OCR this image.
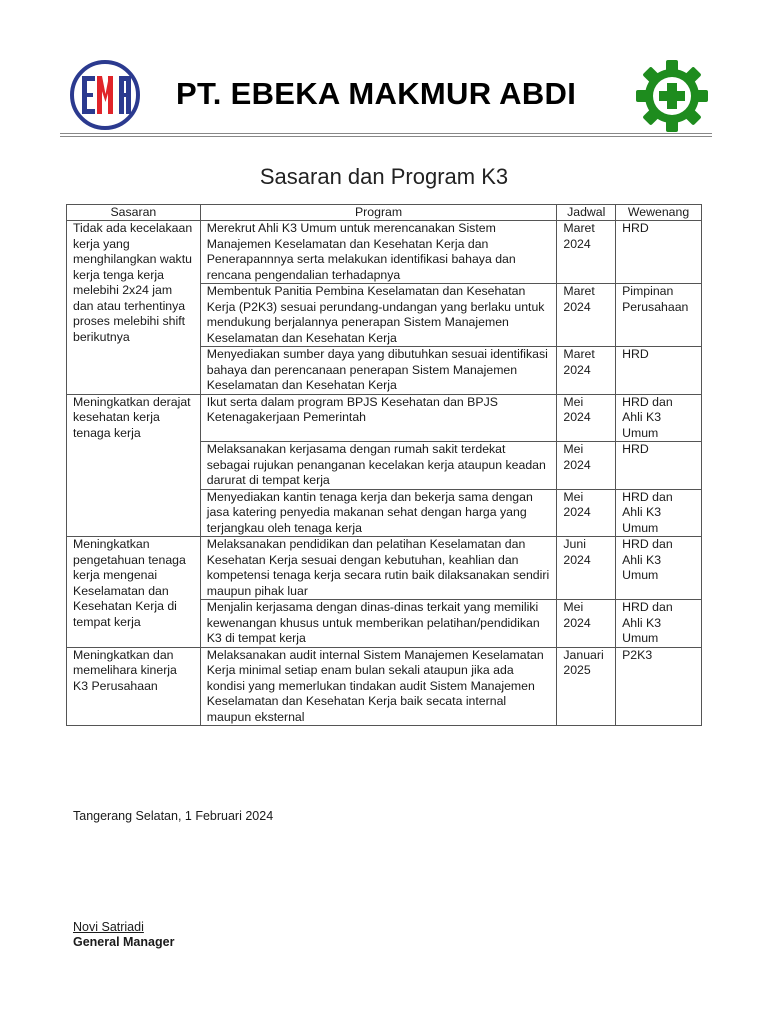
PT. EBEKA MAKMUR ABDI
Sasaran dan Program K3
Sasaran	Program	Jadwal	Wewenang
Tidak ada kecelakaan kerja yang menghilangkan waktu kerja tenga kerja melebihi 2x24 jam dan atau terhentinya proses melebihi shift berikutnya	Merekrut Ahli K3 Umum untuk merencanakan Sistem Manajemen Keselamatan dan Kesehatan Kerja dan Penerapannnya serta melakukan identifikasi bahaya dan rencana pengendalian terhadapnya	Maret 2024	HRD
	Membentuk Panitia Pembina Keselamatan dan Kesehatan Kerja (P2K3) sesuai perundang-undangan yang berlaku untuk mendukung berjalannya penerapan Sistem Manajemen Keselamatan dan Kesehatan Kerja	Maret 2024	Pimpinan Perusahaan
	Menyediakan sumber daya yang dibutuhkan sesuai identifikasi bahaya dan perencanaan penerapan Sistem Manajemen Keselamatan dan Kesehatan Kerja	Maret 2024	HRD
Meningkatkan derajat kesehatan kerja tenaga kerja	Ikut serta dalam program BPJS Kesehatan dan BPJS Ketenagakerjaan Pemerintah	Mei 2024	HRD dan Ahli K3 Umum
	Melaksanakan kerjasama dengan rumah sakit terdekat sebagai rujukan penanganan kecelakan kerja ataupun keadan darurat di tempat kerja	Mei 2024	HRD
	Menyediakan kantin tenaga kerja dan bekerja sama dengan jasa katering penyedia makanan sehat dengan harga yang terjangkau oleh tenaga kerja	Mei 2024	HRD dan Ahli K3 Umum
Meningkatkan pengetahuan tenaga kerja mengenai Keselamatan dan Kesehatan Kerja di tempat kerja	Melaksanakan pendidikan dan pelatihan Keselamatan dan Kesehatan Kerja sesuai dengan kebutuhan, keahlian dan kompetensi tenaga kerja secara rutin baik dilaksanakan sendiri maupun pihak luar	Juni 2024	HRD dan Ahli K3 Umum
	Menjalin kerjasama dengan dinas-dinas terkait yang memiliki kewenangan khusus untuk memberikan pelatihan/pendidikan K3 di tempat kerja	Mei 2024	HRD dan Ahli K3 Umum
Meningkatkan dan memelihara kinerja K3 Perusahaan	Melaksanakan audit internal Sistem Manajemen Keselamatan Kerja minimal setiap enam bulan sekali ataupun jika ada kondisi yang memerlukan tindakan audit Sistem Manajemen Keselamatan dan Kesehatan Kerja baik secata internal maupun eksternal	Januari 2025	P2K3
Tangerang Selatan, 1 Februari 2024
Novi Satriadi
General Manager
